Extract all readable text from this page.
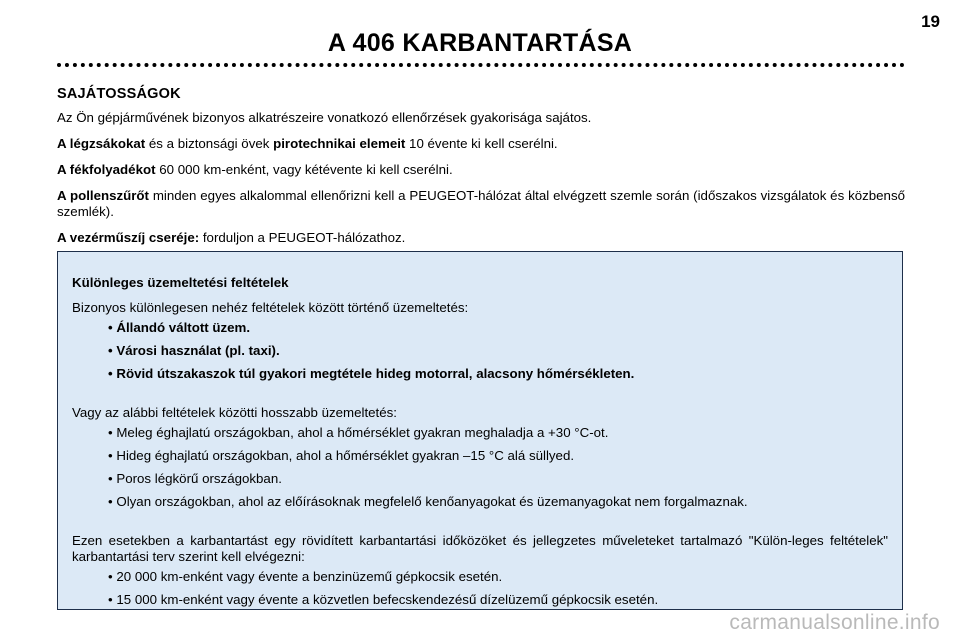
19
A 406 KARBANTARTÁSA
SAJÁTOSSÁGOK

Az Ön gépjárművének bizonyos alkatrészeire vonatkozó ellenőrzések gyakorisága sajátos.

A légzsákokat és a biztonsági övek pirotechnikai elemeit 10 évente ki kell cserélni.

A fékfolyadékot 60 000 km-enként, vagy kétévente ki kell cserélni.

A pollenszűrőt minden egyes alkalommal ellenőrizni kell a PEUGEOT-hálózat által elvégzett szemle során (időszakos vizsgálatok és közbenső szemlék).

A vezérműszíj cseréje: forduljon a PEUGEOT-hálózathoz.

Különleges üzemeltetési feltételek

Bizonyos különlegesen nehéz feltételek között történő üzemeltetés:

• Állandó váltott üzem.
• Városi használat (pl. taxi).
• Rövid útszakaszok túl gyakori megtétele hideg motorral, alacsony hőmérsékleten.

Vagy az alábbi feltételek közötti hosszabb üzemeltetés:

• Meleg éghajlatú országokban, ahol a hőmérséklet gyakran meghaladja a +30 °C-ot.
• Hideg éghajlatú országokban, ahol a hőmérséklet gyakran –15 °C alá süllyed.
• Poros légkörű országokban.
• Olyan országokban, ahol az előírásoknak megfelelő kenőanyagokat és üzemanyagokat nem forgalmaznak.

Ezen esetekben a karbantartást egy rövidített karbantartási időközöket és jellegzetes műveleteket tartalmazó "Külön-leges feltételek" karbantartási terv szerint kell elvégezni:

• 20 000 km-enként vagy évente a benzinüzemű gépkocsik esetén.
• 15 000 km-enként vagy évente a közvetlen befecskendezésű dízelüzemű gépkocsik esetén.
carmanualsonline.info
